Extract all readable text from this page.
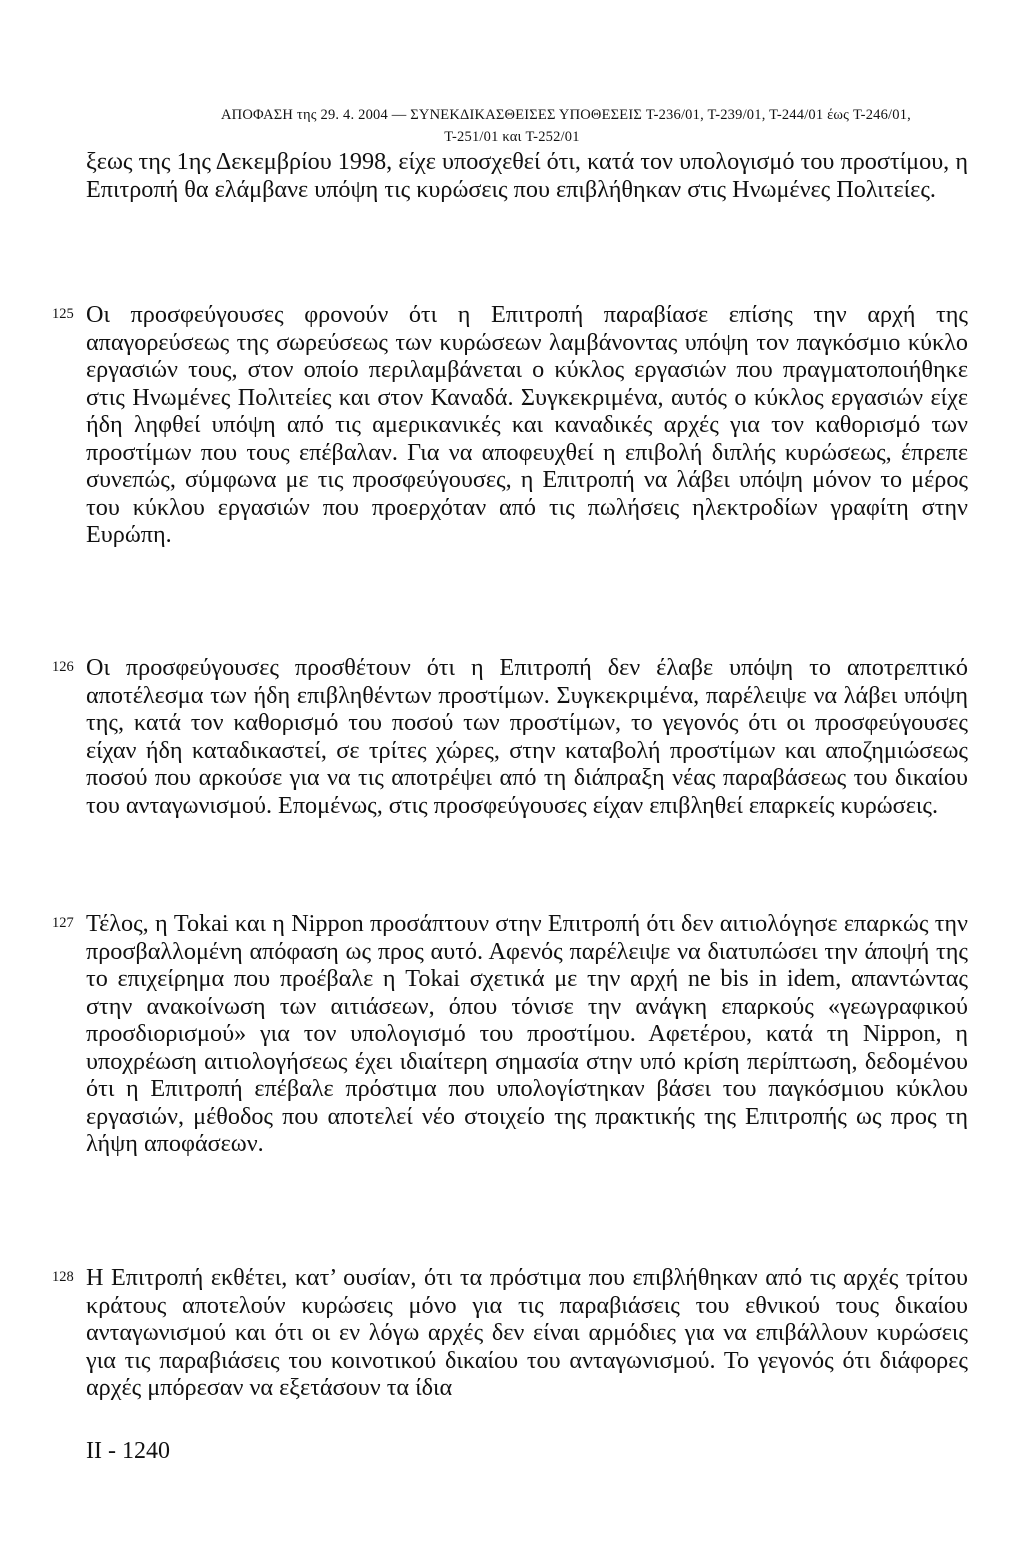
ΑΠΟΦΑΣΗ της 29. 4. 2004 — ΣΥΝΕΚΔΙΚΑΣΘΕΙΣΕΣ ΥΠΟΘΕΣΕΙΣ T-236/01, T-239/01, T-244/01 έως T-246/01,
T-251/01 και T-252/01
ξεως της 1ης Δεκεμβρίου 1998, είχε υποσχεθεί ότι, κατά τον υπολογισμό του προστίμου, η Επιτροπή θα ελάμβανε υπόψη τις κυρώσεις που επιβλήθηκαν στις Ηνωμένες Πολιτείες.
125 Οι προσφεύγουσες φρονούν ότι η Επιτροπή παραβίασε επίσης την αρχή της απαγορεύσεως της σωρεύσεως των κυρώσεων λαμβάνοντας υπόψη τον παγκόσμιο κύκλο εργασιών τους, στον οποίο περιλαμβάνεται ο κύκλος εργασιών που πραγματοποιήθηκε στις Ηνωμένες Πολιτείες και στον Καναδά. Συγκεκριμένα, αυτός ο κύκλος εργασιών είχε ήδη ληφθεί υπόψη από τις αμερικανικές και καναδικές αρχές για τον καθορισμό των προστίμων που τους επέβαλαν. Για να αποφευχθεί η επιβολή διπλής κυρώσεως, έπρεπε συνεπώς, σύμφωνα με τις προσφεύγουσες, η Επιτροπή να λάβει υπόψη μόνον το μέρος του κύκλου εργασιών που προερχόταν από τις πωλήσεις ηλεκτροδίων γραφίτη στην Ευρώπη.
126 Οι προσφεύγουσες προσθέτουν ότι η Επιτροπή δεν έλαβε υπόψη το αποτρεπτικό αποτέλεσμα των ήδη επιβληθέντων προστίμων. Συγκεκριμένα, παρέλειψε να λάβει υπόψη της, κατά τον καθορισμό του ποσού των προστίμων, το γεγονός ότι οι προσφεύγουσες είχαν ήδη καταδικαστεί, σε τρίτες χώρες, στην καταβολή προστίμων και αποζημιώσεως ποσού που αρκούσε για να τις αποτρέψει από τη διάπραξη νέας παραβάσεως του δικαίου του ανταγωνισμού. Επομένως, στις προσφεύγουσες είχαν επιβληθεί επαρκείς κυρώσεις.
127 Τέλος, η Tokai και η Nippon προσάπτουν στην Επιτροπή ότι δεν αιτιολόγησε επαρκώς την προσβαλλομένη απόφαση ως προς αυτό. Αφενός παρέλειψε να διατυπώσει την άποψή της το επιχείρημα που προέβαλε η Tokai σχετικά με την αρχή ne bis in idem, απαντώντας στην ανακοίνωση των αιτιάσεων, όπου τόνισε την ανάγκη επαρκούς «γεωγραφικού προσδιορισμού» για τον υπολογισμό του προστίμου. Αφετέρου, κατά τη Nippon, η υποχρέωση αιτιολογήσεως έχει ιδιαίτερη σημασία στην υπό κρίση περίπτωση, δεδομένου ότι η Επιτροπή επέβαλε πρόστιμα που υπολογίστηκαν βάσει του παγκόσμιου κύκλου εργασιών, μέθοδος που αποτελεί νέο στοιχείο της πρακτικής της Επιτροπής ως προς τη λήψη αποφάσεων.
128 Η Επιτροπή εκθέτει, κατ’ ουσίαν, ότι τα πρόστιμα που επιβλήθηκαν από τις αρχές τρίτου κράτους αποτελούν κυρώσεις μόνο για τις παραβιάσεις του εθνικού τους δικαίου ανταγωνισμού και ότι οι εν λόγω αρχές δεν είναι αρμόδιες για να επιβάλλουν κυρώσεις για τις παραβιάσεις του κοινοτικού δικαίου του ανταγωνισμού. Το γεγονός ότι διάφορες αρχές μπόρεσαν να εξετάσουν τα ίδια
II - 1240
